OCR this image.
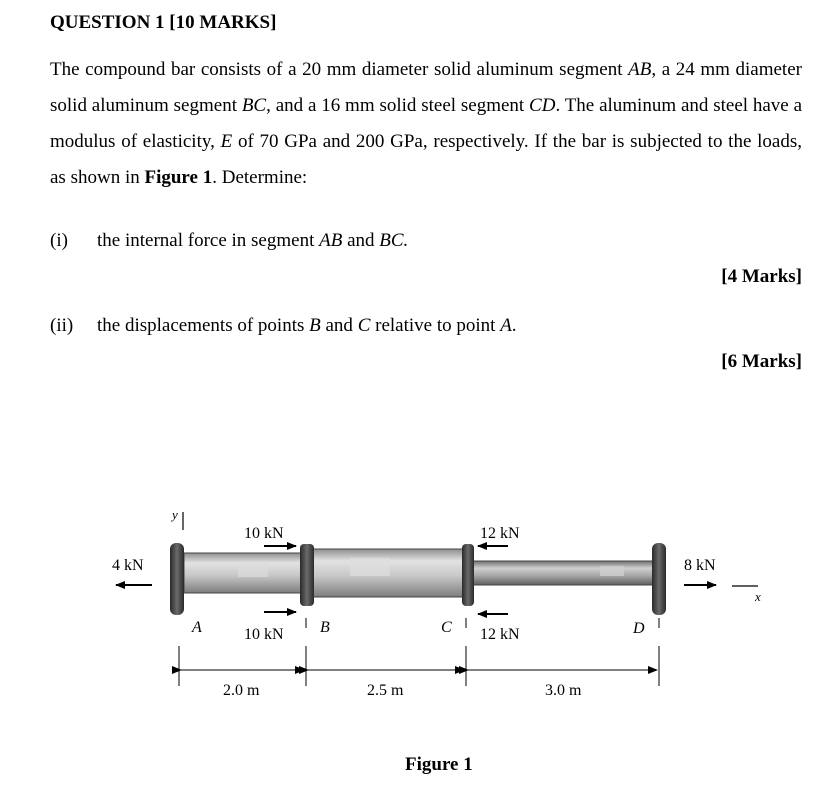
QUESTION 1 [10 MARKS]
The compound bar consists of a 20 mm diameter solid aluminum segment AB, a 24 mm diameter solid aluminum segment BC, and a 16 mm solid steel segment CD. The aluminum and steel have a modulus of elasticity, E of 70 GPa and 200 GPa, respectively. If the bar is subjected to the loads, as shown in Figure 1. Determine:
(i) the internal force in segment AB and BC.
[4 Marks]
(ii) the displacements of points B and C relative to point A.
[6 Marks]
y
4 kN
10 kN
10 kN
12 kN
12 kN
8 kN
x
A	B	C	D
2.0 m	2.5 m	3.0 m
Figure 1
